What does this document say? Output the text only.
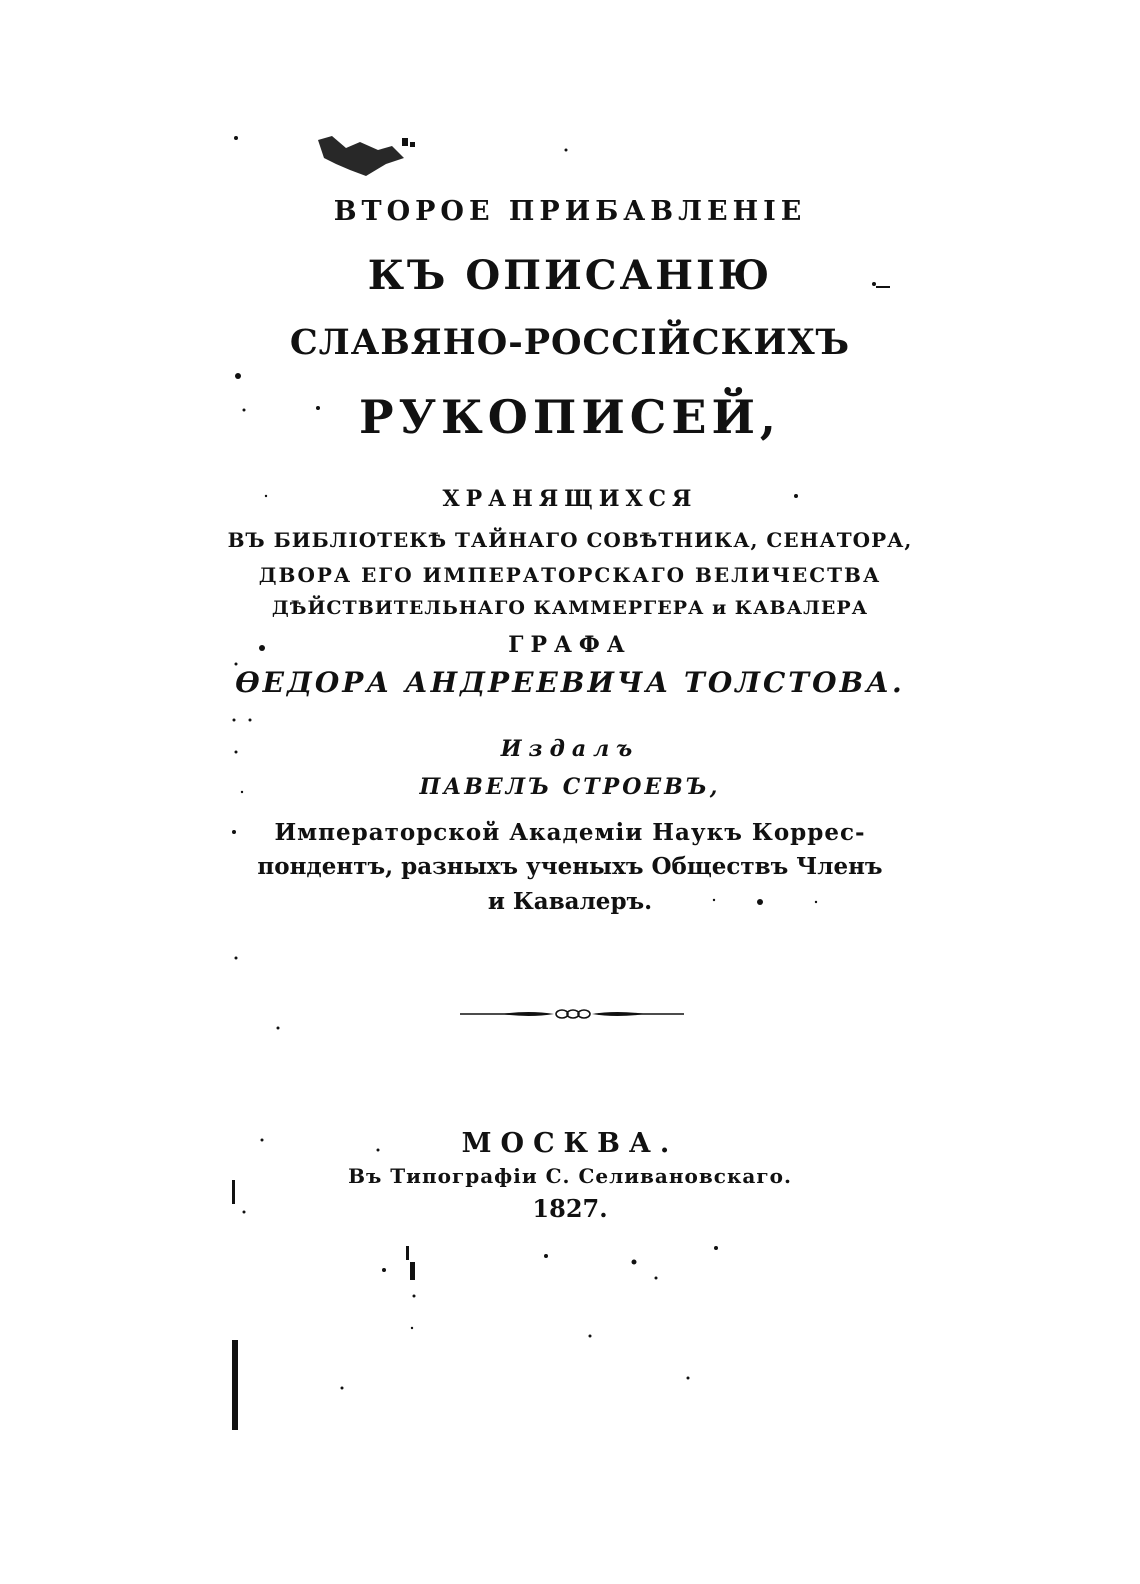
ВТОРОЕ ПРИБАВЛЕНIЕ
КЪ ОПИСАНIЮ
СЛАВЯНО-РОССIЙСКИХЪ
РУКОПИСЕЙ,
ХРАНЯЩИХСЯ
ВЪ БИБЛIОТЕКѢ ТАЙНАГО СОВѢТНИКА, СЕНАТОРА,
ДВОРА ЕГО ИМПЕРАТОРСКАГО ВЕЛИЧЕСТВА
ДѢЙСТВИТЕЛЬНАГО КАММЕРГЕРА и КАВАЛЕРА
ГРАФА
ѲЕДОРА АНДРЕЕВИЧА ТОЛСТОВА.
Издалъ
ПАВЕЛЪ СТРОЕВЪ,
Императорской Академiи Наукъ Коррес-
пондентъ, разныхъ ученыхъ Обществъ Членъ
и Кавалеръ.
МОСКВА.
Въ Типографiи С. Селивановскаго.
1827.
